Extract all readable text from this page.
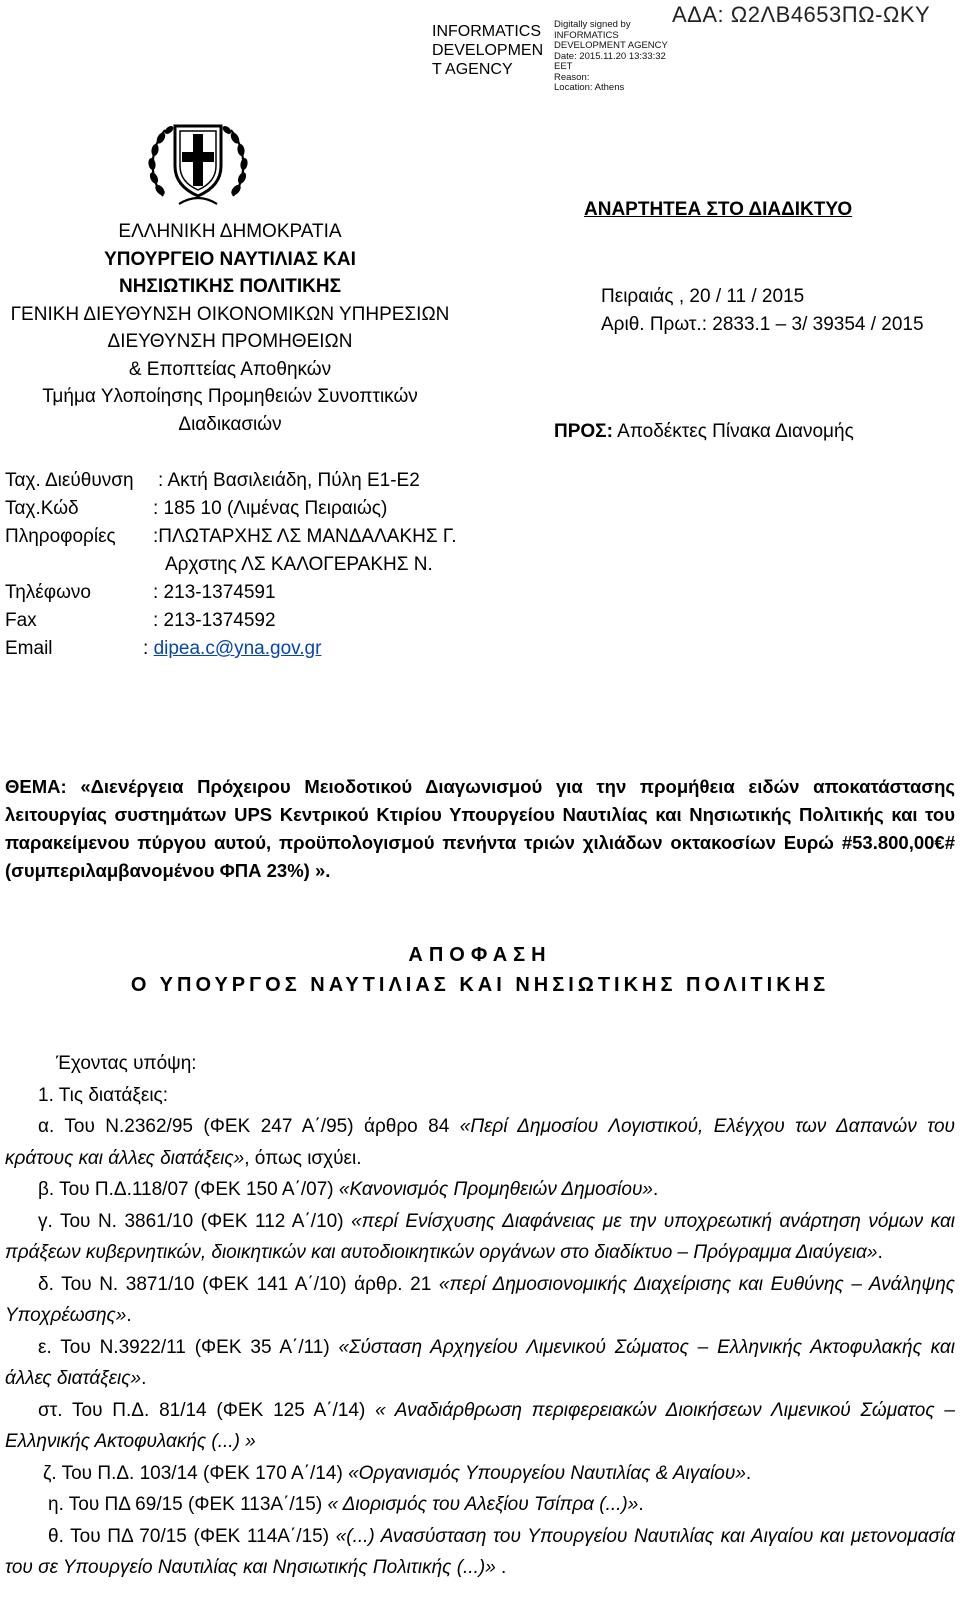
ΑΔΑ: Ω2ΛΒ4653ΠΩ-ΩΚΥ
INFORMATICS DEVELOPMEN T AGENCY
Digitally signed by
INFORMATICS
DEVELOPMENT AGENCY
Date: 2015.11.20 13:33:32
EET
Reason:
Location: Athens
ΕΛΛΗΝΙΚΗ ΔΗΜΟΚΡΑΤΙΑ
ΥΠΟΥΡΓΕΙΟ ΝΑΥΤΙΛΙΑΣ ΚΑΙ
ΝΗΣΙΩΤΙΚΗΣ ΠΟΛΙΤΙΚΗΣ
ΓΕΝΙΚΗ ΔΙΕΥΘΥΝΣΗ ΟΙΚΟΝΟΜΙΚΩΝ ΥΠΗΡΕΣΙΩΝ
ΔΙΕΥΘΥΝΣΗ ΠΡΟΜΗΘΕΙΩΝ
& Εποπτείας Αποθηκών
Τμήμα Υλοποίησης Προμηθειών Συνοπτικών
Διαδικασιών
ΑΝΑΡΤΗΤΕΑ ΣΤΟ ΔΙΑΔΙΚΤΥΟ
Πειραιάς , 20 / 11 / 2015
Αριθ. Πρωτ.: 2833.1 – 3/ 39354 / 2015
ΠΡΟΣ: Αποδέκτες Πίνακα Διανομής
Ταχ. Διεύθυνση : Ακτή Βασιλειάδη, Πύλη Ε1-Ε2
Ταχ.Κώδ	: 185 10 (Λιμένας Πειραιώς)
Πληροφορίες :ΠΛΩΤΑΡΧΗΣ ΛΣ ΜΑΝΔΑΛΑΚΗΣ Γ.
Αρχστης ΛΣ ΚΑΛΟΓΕΡΑΚΗΣ Ν.
Τηλέφωνο	: 213-1374591
Fax	: 213-1374592
Email	: dipea.c@yna.gov.gr
ΘΕΜΑ: «Διενέργεια Πρόχειρου Μειοδοτικού Διαγωνισμού για την προμήθεια ειδών αποκατάστασης λειτουργίας συστημάτων UPS Κεντρικού Κτιρίου Υπουργείου Ναυτιλίας και Νησιωτικής Πολιτικής και του παρακείμενου πύργου αυτού, προϋπολογισμού πενήντα τριών χιλιάδων οκτακοσίων Ευρώ #53.800,00€# (συμπεριλαμβανομένου ΦΠΑ 23%) ».
ΑΠΟΦΑΣΗ
Ο ΥΠΟΥΡΓΟΣ ΝΑΥΤΙΛΙΑΣ ΚΑΙ ΝΗΣΙΩΤΙΚΗΣ ΠΟΛΙΤΙΚΗΣ

Έχοντας υπόψη:

1. Τις διατάξεις:

α. Του Ν.2362/95 (ΦΕΚ 247 Α΄/95) άρθρο 84 «Περί Δημοσίου Λογιστικού, Ελέγχου των Δαπανών του κράτους και άλλες διατάξεις», όπως ισχύει.

β. Του Π.Δ.118/07 (ΦΕΚ 150 Α΄/07) «Κανονισμός Προμηθειών Δημοσίου».

γ. Του Ν. 3861/10 (ΦΕΚ 112 Α΄/10) «περί Ενίσχυσης Διαφάνειας με την υποχρεωτική ανάρτηση νόμων και πράξεων κυβερνητικών, διοικητικών και αυτοδιοικητικών οργάνων στο διαδίκτυο – Πρόγραμμα Διαύγεια».

δ. Του Ν. 3871/10 (ΦΕΚ 141 Α΄/10) άρθρ. 21 «περί Δημοσιονομικής Διαχείρισης και Ευθύνης – Ανάληψης Υποχρέωσης».

ε. Του Ν.3922/11 (ΦΕΚ 35 Α΄/11) «Σύσταση Αρχηγείου Λιμενικού Σώματος – Ελληνικής Ακτοφυλακής και άλλες διατάξεις».

στ. Του Π.Δ. 81/14 (ΦΕΚ 125 Α΄/14) « Αναδιάρθρωση περιφερειακών Διοικήσεων Λιμενικού Σώματος – Ελληνικής Ακτοφυλακής (...) »

ζ. Του Π.Δ. 103/14 (ΦΕΚ 170 Α΄/14) «Οργανισμός Υπουργείου Ναυτιλίας & Αιγαίου».

η. Του ΠΔ 69/15 (ΦΕΚ 113Α΄/15) « Διορισμός του Αλεξίου Τσίπρα (...)».

θ. Του ΠΔ 70/15 (ΦΕΚ 114Α΄/15) «(...) Ανασύσταση του Υπουργείου Ναυτιλίας και Αιγαίου και μετονομασία του σε Υπουργείο Ναυτιλίας και Νησιωτικής Πολιτικής (...)» .
